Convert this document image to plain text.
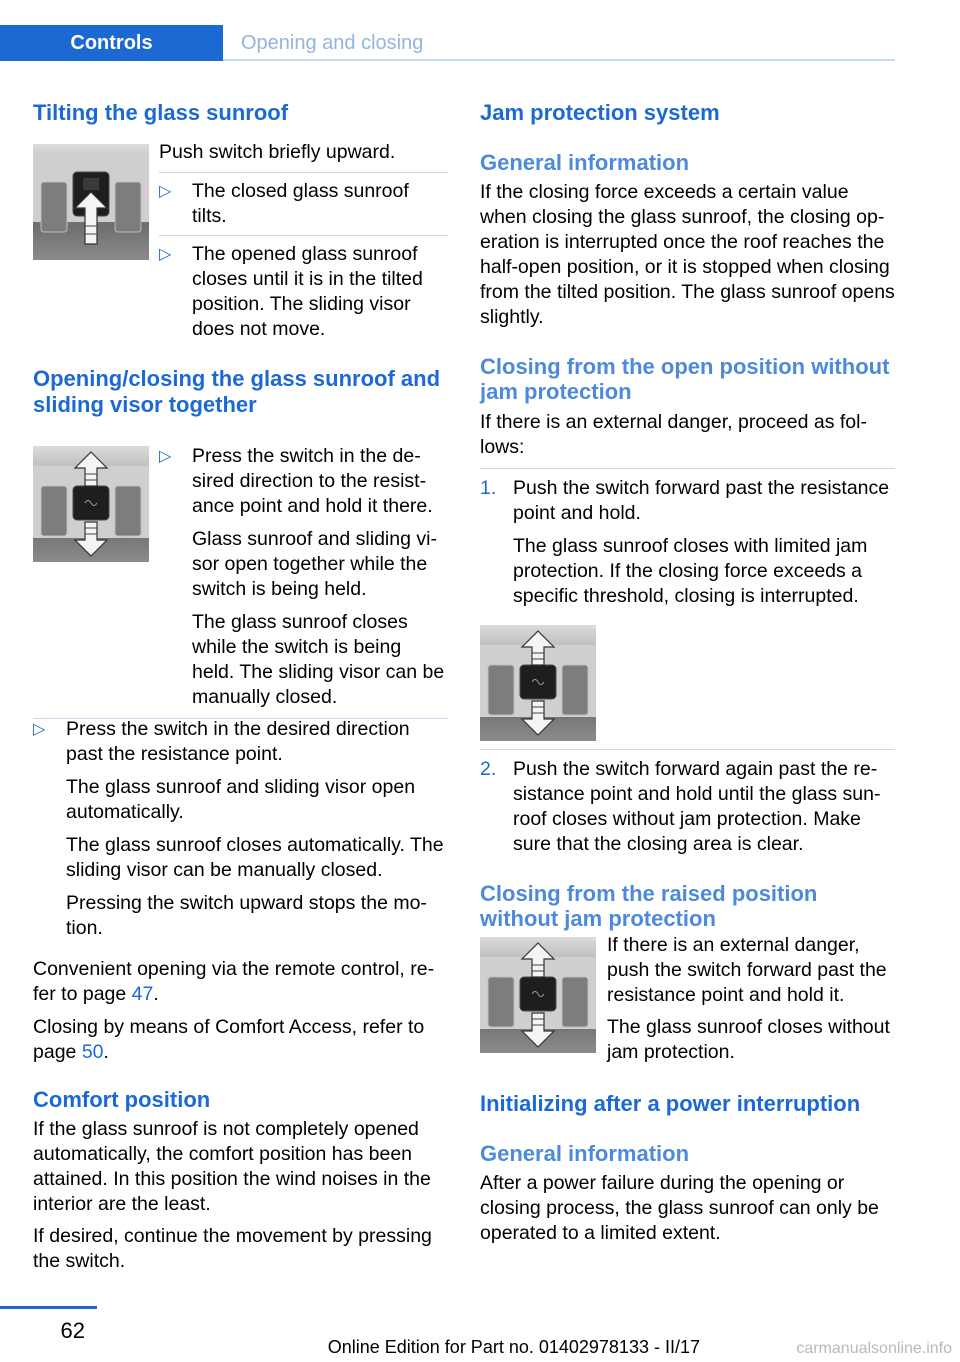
Controls	Opening and closing
Tilting the glass sunroof

Push switch briefly upward.

▷ The closed glass sunroof tilts.
▷ The opened glass sunroof closes until it is in the tilted position. The sliding visor does not move.
Opening/closing the glass sunroof and sliding visor together
▷ Press the switch in the desired direction to the resistance point and hold it there.

Glass sunroof and sliding visor open together while the switch is being held.

The glass sunroof closes while the switch is being held. The sliding visor can be manually closed.

▷ Press the switch in the desired direction past the resistance point.

The glass sunroof and sliding visor open automatically.

The glass sunroof closes automatically. The sliding visor can be manually closed.

Pressing the switch upward stops the motion.

Convenient opening via the remote control, refer to page 47.

Closing by means of Comfort Access, refer to page 50.

Comfort position

If the glass sunroof is not completely opened automatically, the comfort position has been attained. In this position the wind noises in the interior are the least.

If desired, continue the movement by pressing the switch.

Jam protection system
General information

If the closing force exceeds a certain value when closing the glass sunroof, the closing operation is interrupted once the roof reaches the half-open position, or it is stopped when closing from the tilted position. The glass sunroof opens slightly.

Closing from the open position without jam protection

If there is an external danger, proceed as follows:

1. Push the switch forward past the resistance point and hold.

The glass sunroof closes with limited jam protection. If the closing force exceeds a specific threshold, closing is interrupted.

2. Push the switch forward again past the resistance point and hold until the glass sunroof closes without jam protection. Make sure that the closing area is clear.
Closing from the raised position without jam protection

If there is an external danger, push the switch forward past the resistance point and hold it.

The glass sunroof closes without jam protection.

Initializing after a power interruption
General information

After a power failure during the opening or closing process, the glass sunroof can only be operated to a limited extent.

62
Online Edition for Part no. 01402978133 - II/17	carmanualsonline.info
